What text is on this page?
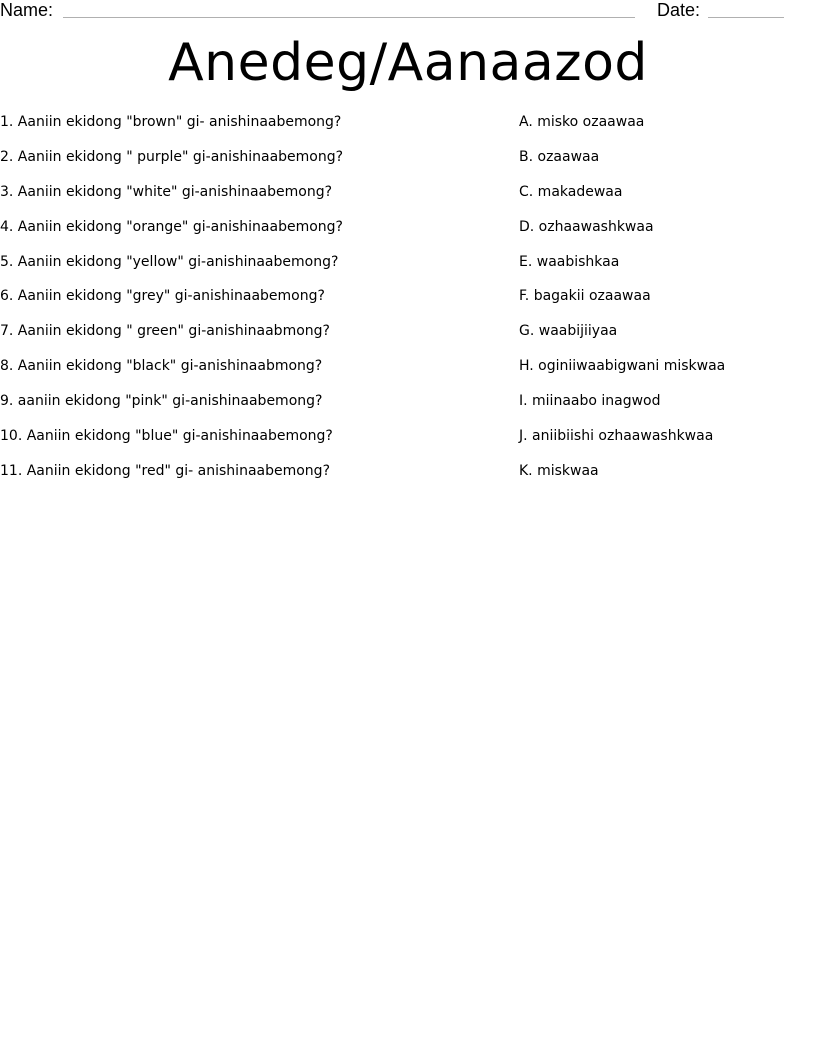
Name:	Date:
Anedeg/Aanaazod
1. Aaniin ekidong "brown" gi- anishinaabemong?
2. Aaniin ekidong " purple" gi-anishinaabemong?
3. Aaniin ekidong "white" gi-anishinaabemong?
4. Aaniin ekidong "orange" gi-anishinaabemong?
5. Aaniin ekidong "yellow" gi-anishinaabemong?
6. Aaniin ekidong "grey" gi-anishinaabemong?
7. Aaniin ekidong " green" gi-anishinaabmong?
8. Aaniin ekidong "black" gi-anishinaabmong?
9. aaniin ekidong "pink" gi-anishinaabemong?
10. Aaniin ekidong "blue" gi-anishinaabemong?
11. Aaniin ekidong "red" gi- anishinaabemong?
A. misko ozaawaa
B. ozaawaa
C. makadewaa
D. ozhaawashkwaa
E. waabishkaa
F. bagakii ozaawaa
G. waabijiiyaa
H. oginiiwaabigwani miskwaa
I. miinaabo inagwod
J. aniibiishi ozhaawashkwaa
K. miskwaa
